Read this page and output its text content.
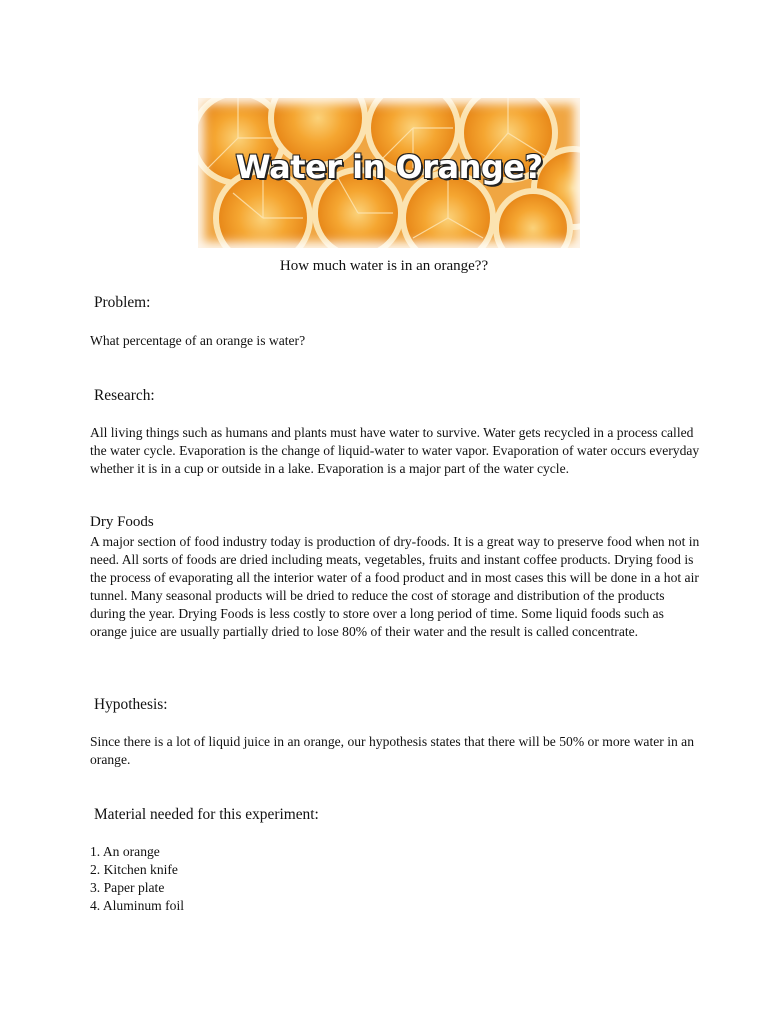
Water in Orange?
How much water is in an orange??
Problem:
What percentage of an orange is water?
Research:
All living things such as humans and plants must have water to survive. Water gets recycled in a process called the water cycle. Evaporation is the change of liquid-water to water vapor. Evaporation of water occurs everyday whether it is in a cup or outside in a lake. Evaporation is a major part of the water cycle.
Dry Foods
A major section of food industry today is production of dry-foods. It is a great way to preserve food when not in need. All sorts of foods are dried including meats, vegetables, fruits and instant coffee products. Drying food is the process of evaporating all the interior water of a food product and in most cases this will be done in a hot air tunnel. Many seasonal products will be dried to reduce the cost of storage and distribution of the products during the year. Drying Foods is less costly to store over a long period of time. Some liquid foods such as orange juice are usually partially dried to lose 80% of their water and the result is called concentrate.
Hypothesis:
Since there is a lot of liquid juice in an orange, our hypothesis states that there will be 50% or more water in an orange.
Material needed for this experiment:
1. An orange
2. Kitchen knife
3. Paper plate
4. Aluminum foil
